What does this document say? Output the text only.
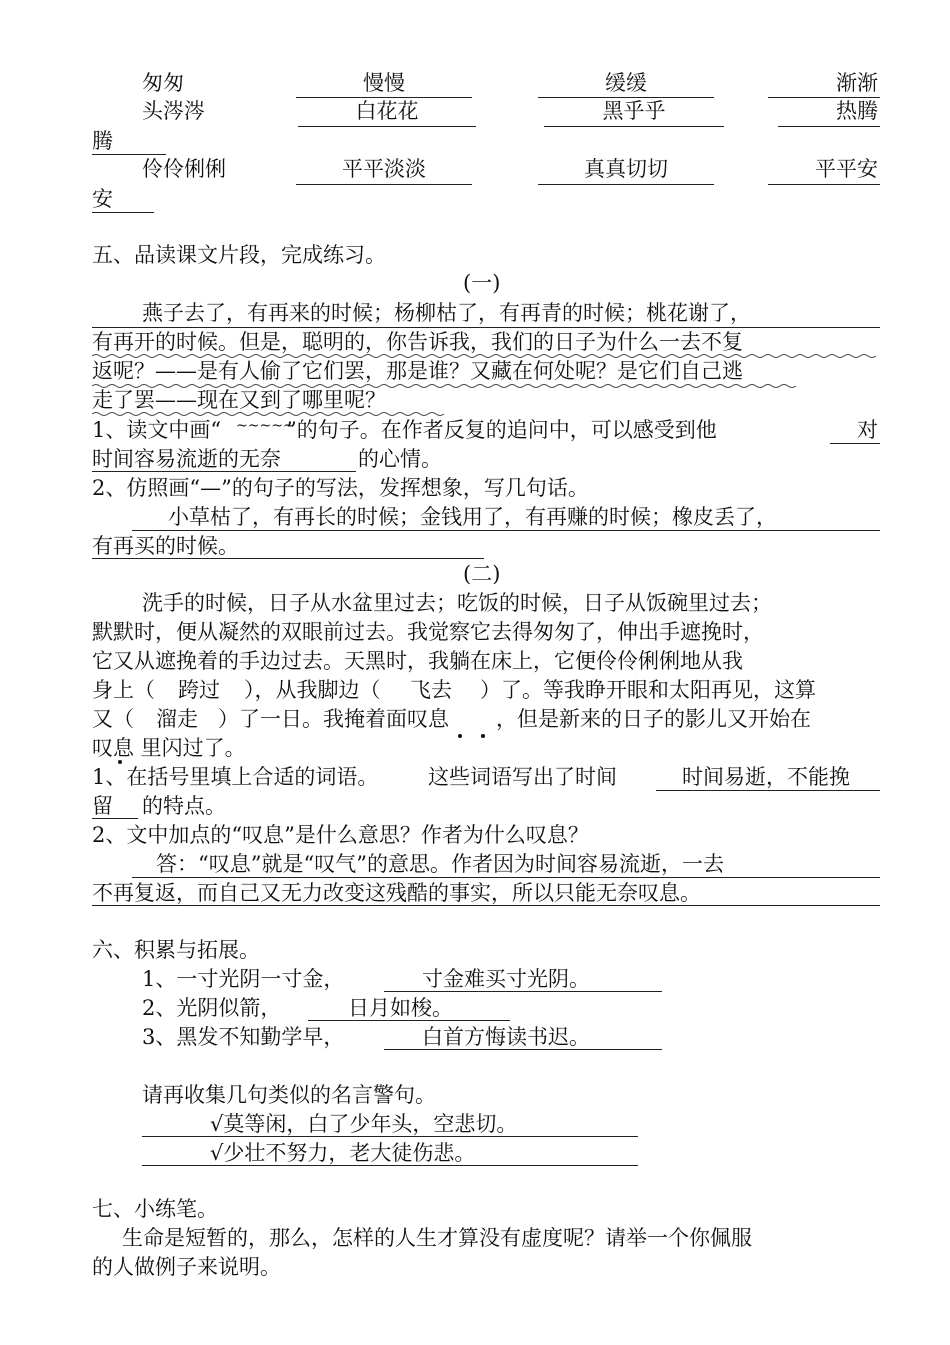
匆匆	慢慢	缓缓	渐渐
头涔涔	白花花	黑乎乎	热腾
腾
伶伶俐俐	平平淡淡	真真切切	平平安
安
五、品读课文片段，完成练习。
(一)
燕子去了，有再来的时候；杨柳枯了，有再青的时候；桃花谢了，
有再开的时候。但是，聪明的，你告诉我，我们的日子为什么一去不复
返呢？——是有人偷了它们罢，那是谁？又藏在何处呢？是它们自己逃
走了罢——现在又到了哪里呢？
1、读文中画“ ~~~~~
”的句子。在作者反复的追问中，可以感受到他	对
时间容易流逝的无奈	的心情。
2、仿照画“—”的句子的写法，发挥想象，写几句话。
小草枯了，有再长的时候；金钱用了，有再赚的时候；橡皮丢了，
有再买的时候。
(二)
洗手的时候，日子从水盆里过去；吃饭的时候，日子从饭碗里过去；
默默时，便从凝然的双眼前过去。我觉察它去得匆匆了，伸出手遮挽时，
它又从遮挽着的手边过去。天黑时，我躺在床上，它便伶伶俐俐地从我
身上（ 跨过 ），从我脚边（ 飞去 ）了。等我睁开眼和太阳再见，这算
又（ 溜走 ）了一日。我掩着面叹息 ，但是新来的日子的影儿又开始在
叹息 里闪过了。
1、在括号里填上合适的词语。 这些词语写出了时间	时间易逝，不能挽
留 的特点。
2、文中加点的“叹息”是什么意思？作者为什么叹息？
答：“叹息”就是“叹气”的意思。作者因为时间容易流逝，一去
不再复返，而自己又无力改变这残酷的事实，所以只能无奈叹息。
六、积累与拓展。
1、一寸光阴一寸金，	寸金难买寸光阴。
2、光阴似箭，	日月如梭。
3、黑发不知勤学早，	白首方悔读书迟。
请再收集几句类似的名言警句。
√莫等闲，白了少年头，空悲切。
√少壮不努力，老大徒伤悲。
七、小练笔。
生命是短暂的，那么，怎样的人生才算没有虚度呢？请举一个你佩服
的人做例子来说明。
